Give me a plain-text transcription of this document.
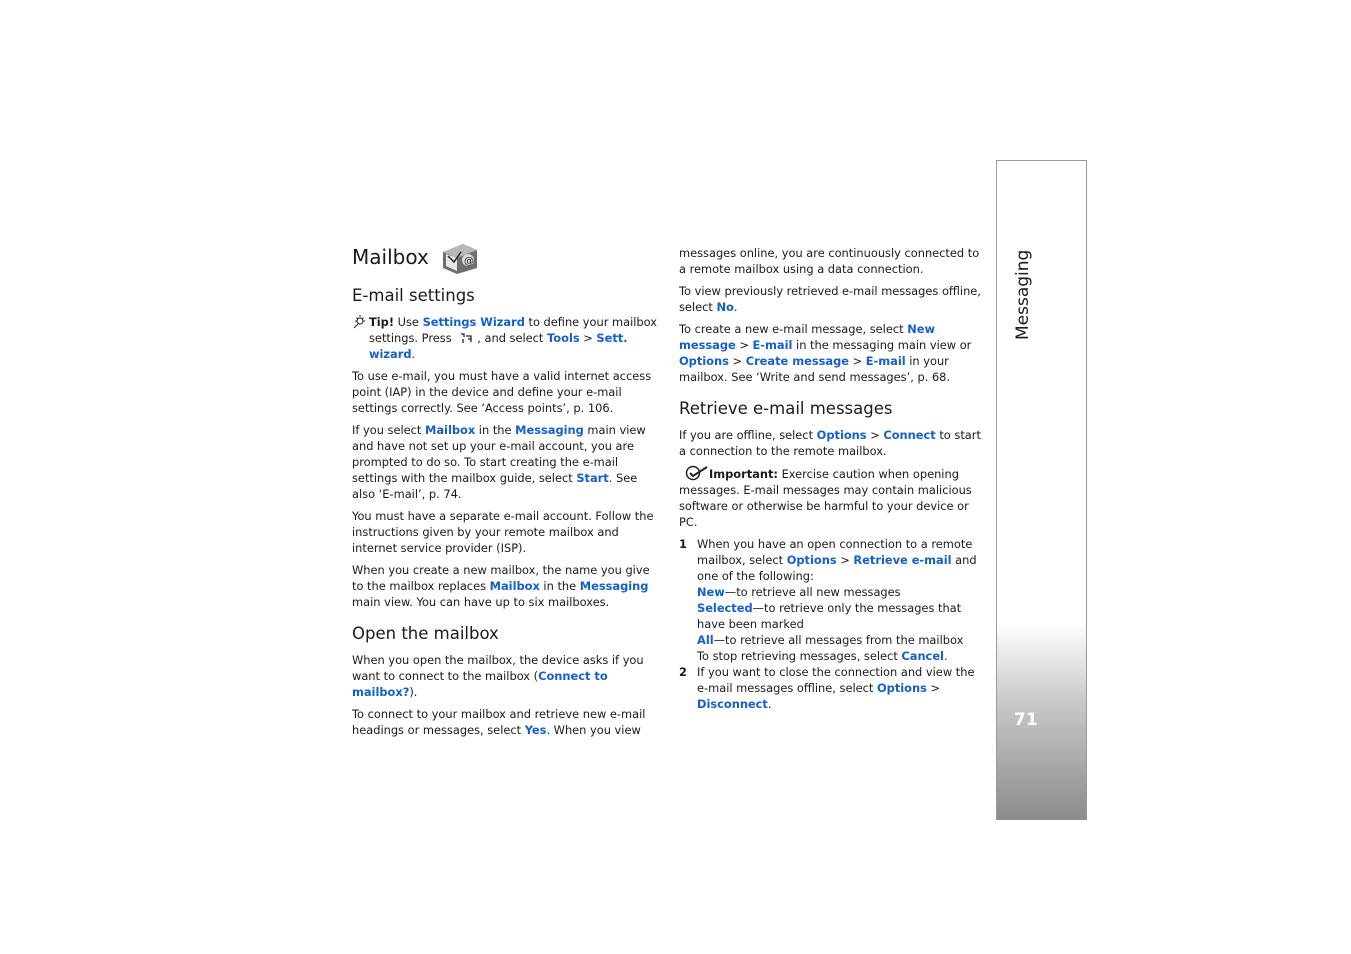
Mailbox	@
E-mail settings
Tip! Use Settings Wizard to define your mailbox settings. Press , and select Tools > Sett. wizard.

To use e-mail, you must have a valid internet access point (IAP) in the device and define your e-mail settings correctly. See ‘Access points’, p. 106.

If you select Mailbox in the Messaging main view and have not set up your e-mail account, you are prompted to do so. To start creating the e-mail settings with the mailbox guide, select Start. See also ‘E-mail’, p. 74.

You must have a separate e-mail account. Follow the instructions given by your remote mailbox and internet service provider (ISP).

When you create a new mailbox, the name you give to the mailbox replaces Mailbox in the Messaging main view. You can have up to six mailboxes.

Open the mailbox

When you open the mailbox, the device asks if you want to connect to the mailbox (Connect to mailbox?).

To connect to your mailbox and retrieve new e-mail headings or messages, select Yes. When you view

messages online, you are continuously connected to a remote mailbox using a data connection.

To view previously retrieved e-mail messages offline, select No.

To create a new e-mail message, select New message > E-mail in the messaging main view or Options > Create message > E-mail in your mailbox. See ‘Write and send messages’, p. 68.

Retrieve e-mail messages

If you are offline, select Options > Connect to start a connection to the remote mailbox.

Important: Exercise caution when opening messages. E-mail messages may contain malicious software or otherwise be harmful to your device or PC.
1 When you have an open connection to a remote mailbox, select Options > Retrieve e-mail and one of the following:
New—to retrieve all new messages
Selected—to retrieve only the messages that have been marked
All—to retrieve all messages from the mailbox
To stop retrieving messages, select Cancel.
2 If you want to close the connection and view the e-mail messages offline, select Options > Disconnect.
Messaging
71
